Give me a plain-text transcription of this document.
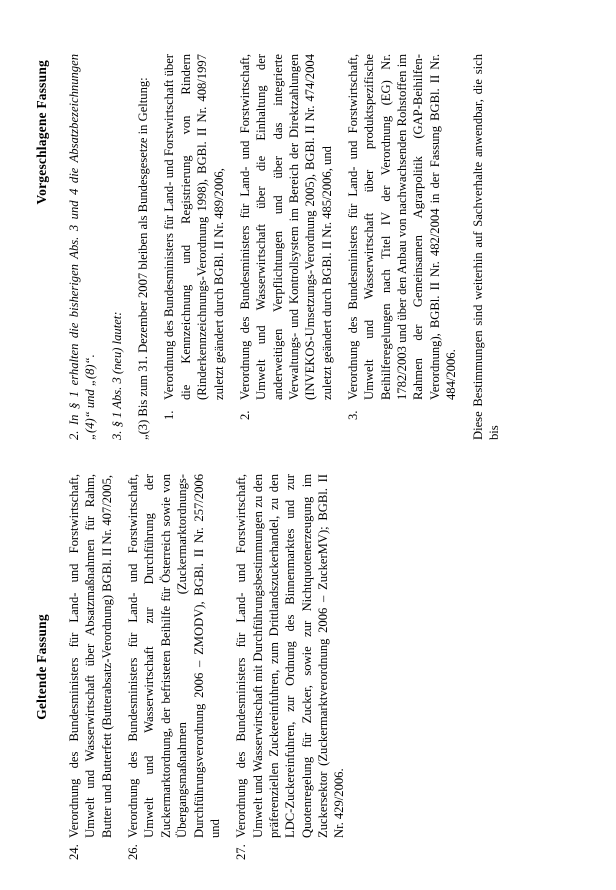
Geltende Fassung
24.
Verordnung des Bundesministers für Land- und Forstwirtschaft, Umwelt und Wasserwirtschaft über Absatzmaßnahmen für Rahm, Butter und Butterfett (Butterabsatz-Verordnung) BGBl. II Nr. 407/2005,
26.
Verordnung des Bundesministers für Land- und Forstwirtschaft, Umwelt und Wasserwirtschaft zur Durchführung der Zuckermarktordnung, der befristeten Beihilfe für Österreich sowie von Übergangsmaßnahmen (Zuckermarktordnungs-Durchführungsverordnung 2006 – ZMODV), BGBl. II Nr. 257/2006 und
27.
Verordnung des Bundesministers für Land- und Forstwirtschaft, Umwelt und Wasserwirtschaft mit Durchführungsbestimmungen zu den präferenziellen Zuckereinfuhren, zum Drittlandszuckerhandel, zu den LDC-Zuckereinfuhren, zur Ordnung des Binnenmarktes und zur Quotenregelung für Zucker, sowie zur Nichtquotenerzeugung im Zuckersektor (Zuckermarktverordnung 2006 – ZuckerMV); BGBl. II Nr. 429/2006.
Vorgeschlagene Fassung 2. In § 1 erhalten die bisherigen Abs. 3 und 4 die Absatzbezeichnungen „(4)“ und „(8)“. 3. § 1 Abs. 3 (neu) lautet: „(3) Bis zum 31. Dezember 2007 bleiben als Bundesgesetze in Geltung: 1.
Verordnung des Bundesministers für Land- und Forstwirtschaft über die Kennzeichnung und Registrierung von Rindern (Rinderkennzeichnungs-Verordnung 1998), BGBl. II Nr. 408/1997 zuletzt geändert durch BGBl. II Nr. 489/2006,
2.
Verordnung des Bundesministers für Land- und Forstwirtschaft, Umwelt und Wasserwirtschaft über die Einhaltung der anderweitigen Verpflichtungen und über das integrierte Verwaltungs- und Kontrollsystem im Bereich der Direktzahlungen (INVEKOS-Umsetzungs-Verordnung 2005), BGBl. II Nr. 474/2004 zuletzt geändert durch BGBl. II Nr. 485/2006, und
3.
Verordnung des Bundesministers für Land- und Forstwirtschaft, Umwelt und Wasserwirtschaft über produktspezifische Beihilferegelungen nach Titel IV der Verordnung (EG) Nr. 1782/2003 und über den Anbau von nachwachsenden Rohstoffen im Rahmen der Gemeinsamen Agrarpolitik (GAP-Beihilfen-Verordnung), BGBl. II Nr. 482/2004 in der Fassung BGBl. II Nr. 484/2006. Diese Bestimmungen sind weiterhin auf Sachverhalte anwendbar, die sich bis
